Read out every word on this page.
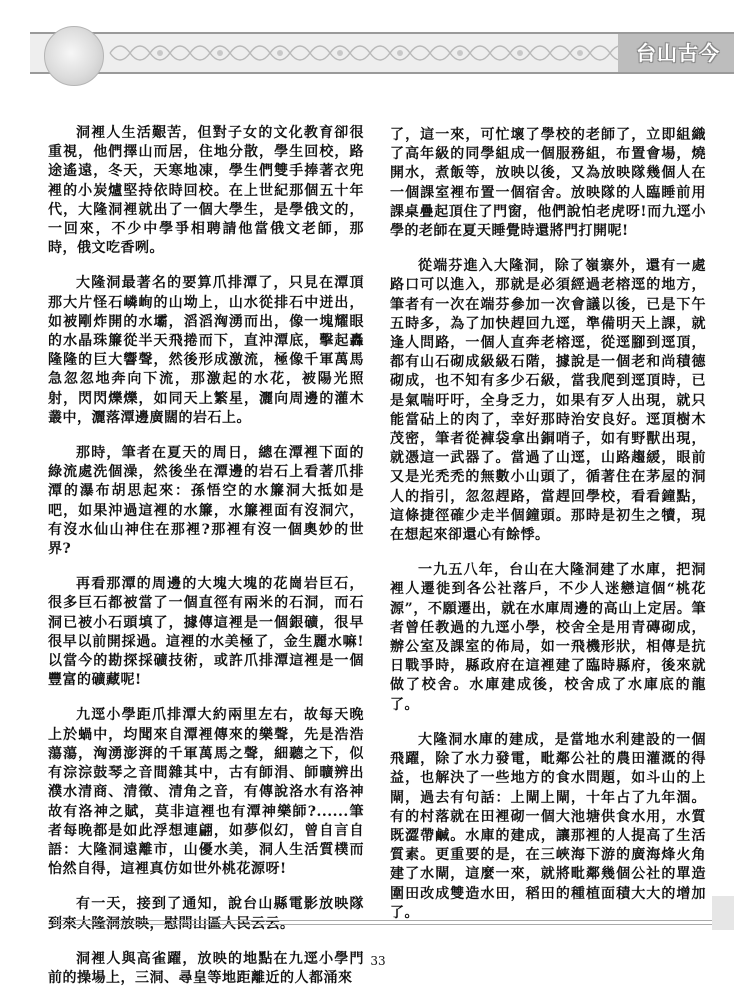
台山古今

洞裡人生活艱苦，但對子女的文化教育卻很重視，他們擇山而居，住地分散，學生回校，路途遙遠，冬天，天寒地凍，學生們雙手捧著衣兜裡的小炭爐堅持依時回校。在上世紀那個五十年代，大隆洞裡就出了一個大學生，是學俄文的，一回來，不少中學爭相聘請他當俄文老師，那時，俄文吃香咧。

大隆洞最著名的要算爪排潭了，只見在潭頂那大片怪石嶙峋的山坳上，山水從排石中迸出，如被剛炸開的水壩，滔滔洶湧而出，像一塊耀眼的水晶珠簾從半天飛捲而下，直沖潭底，擊起轟隆隆的巨大響聲，然後形成激流，極像千軍萬馬急忽忽地奔向下流，那激起的水花，被陽光照射，閃閃爍爍，如同天上繁星，灑向周邊的灌木叢中，灑落潭邊廣闊的岩石上。

那時，筆者在夏天的周日，總在潭裡下面的綠流處洗個澡，然後坐在潭邊的岩石上看著爪排潭的瀑布胡思起來：孫悟空的水簾洞大抵如是吧，如果沖過這裡的水簾，水簾裡面有沒洞穴，有沒水仙山神住在那裡?那裡有沒一個奧妙的世界?

再看那潭的周邊的大塊大塊的花崗岩巨石，很多巨石都被當了一個直徑有兩米的石洞，而石洞已被小石頭填了，據傳這裡是一個銀礦，很早很早以前開採過。這裡的水美極了，金生麗水嘛!以當今的勘探採礦技術，或許爪排潭這裡是一個豐富的礦藏呢!

九逕小學距爪排潭大約兩里左右，故每天晚上於蝸中，均聞來自潭裡傳來的樂聲，先是浩浩蕩蕩，洶湧澎湃的千軍萬馬之聲，細聽之下，似有淙淙鼓琴之音間雜其中，古有師涓、師曠辨出濮水清商、清徵、清角之音，有傳說洛水有洛神故有洛神之賦，莫非這裡也有潭神樂師?......筆者每晚都是如此浮想連翩，如夢似幻，曾自言自語：大隆洞遠離市，山優水美，洞人生活質樸而怡然自得，這裡真仿如世外桃花源呀!

有一天，接到了通知，說台山縣電影放映隊到來大隆洞放映，慰問山區人民云云。

洞裡人與高雀躍，放映的地點在九逕小學門前的操場上，三洞、尋皇等地距離近的人都涌來

了，這一來，可忙壞了學校的老師了，立即組織了高年級的同學組成一個服務組，布置會場，燒開水，煮飯等，放映以後，又為放映隊幾個人在一個課室裡布置一個宿舍。放映隊的人臨睡前用課桌疊起頂住了門窗，他們說怕老虎呀!而九逕小學的老師在夏天睡覺時還將門打開呢!

從端芬進入大隆洞，除了嶺寨外，還有一處路口可以進入，那就是必須經過老榕逕的地方，筆者有一次在端芬參加一次會議以後，已是下午五時多，為了加快趕回九逕，準備明天上課，就逢人問路，一個人直奔老榕逕，從逕腳到逕頂，都有山石砌成級級石階，據說是一個老和尚積德砌成，也不知有多少石級，當我爬到逕頂時，已是氣喘吁吁，全身乏力，如果有歹人出現，就只能當砧上的肉了，幸好那時治安良好。逕頂樹木茂密，筆者從褲袋拿出銅哨子，如有野獸出現，就憑這一武器了。當過了山逕，山路趨緩，眼前又是光禿禿的無數小山頭了，循著住在茅屋的洞人的指引，忽忽趕路，當趕回學校，看看鐘點，這條捷徑確少走半個鐘頭。那時是初生之犢，現在想起來卻還心有餘悸。

一九五八年，台山在大隆洞建了水庫，把洞裡人遷徙到各公社落戶，不少人迷戀這個“桃花源”，不願遷出，就在水庫周邊的高山上定居。筆者曾任教過的九逕小學，校舍全是用青磚砌成，辦公室及課室的佈局，如一飛機形狀，相傳是抗日戰爭時，縣政府在這裡建了臨時縣府，後來就做了校舍。水庫建成後，校舍成了水庫底的龍了。

大隆洞水庫的建成，是當地水利建設的一個飛躍，除了水力發電，毗鄰公社的農田灌溉的得益，也解決了一些地方的食水問題，如斗山的上閘，過去有句話：上閘上閘，十年占了九年涸。有的村落就在田裡砌一個大池塘供食水用，水質既澀帶鹹。水庫的建成，讓那裡的人提高了生活質素。更重要的是，在三峽海下游的廣海烽火角建了水閘，這麼一來，就將毗鄰幾個公社的單造圍田改成雙造水田，稻田的種植面積大大的增加了。

33
